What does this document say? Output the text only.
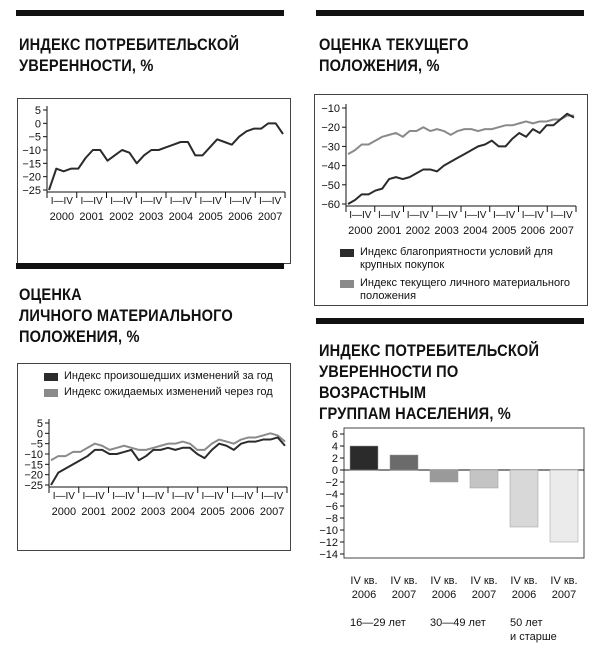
ИНДЕКС ПОТРЕБИТЕЛЬСКОЙ
УВЕРЕННОСТИ, %
5
0
−5
−10
−15
−20
−25
I—IV
2000
I—IV
2001
I—IV
2002
I—IV
2003
I—IV
2004
I—IV
2005
I—IV
2006
I—IV
2007
ОЦЕНКА ТЕКУЩЕГО
ПОЛОЖЕНИЯ, %
−10
−20
−30
−40
−50
−60
I—IV
2000
I—IV
2001
I—IV
2002
I—IV
2003
I—IV
2004
I—IV
2005
I—IV
2006
I—IV
2007
Индекс благоприятности условий для крупных покупок
Индекс текущего личного материального положения
ОЦЕНКА
ЛИЧНОГО МАТЕРИАЛЬНОГО
ПОЛОЖЕНИЯ, %
Индекс произошедших изменений за год
Индекс ожидаемых изменений через год
5
0
−5
−10
−15
−20
−25
I—IV
2000
I—IV
2001
I—IV
2002
I—IV
2003
I—IV
2004
I—IV
2005
I—IV
2006
I—IV
2007
ИНДЕКС ПОТРЕБИТЕЛЬСКОЙ
УВЕРЕННОСТИ ПО ВОЗРАСТНЫМ
ГРУППАМ НАСЕЛЕНИЯ, %
6
4
2
0
−2
−4
−6
−8
−10
−12
−14
IV кв.
2006
IV кв.
2007
IV кв.
2006
IV кв.
2007
IV кв.
2006
IV кв.
2007
16—29 лет 30—49 лет 50 лет
и старше
